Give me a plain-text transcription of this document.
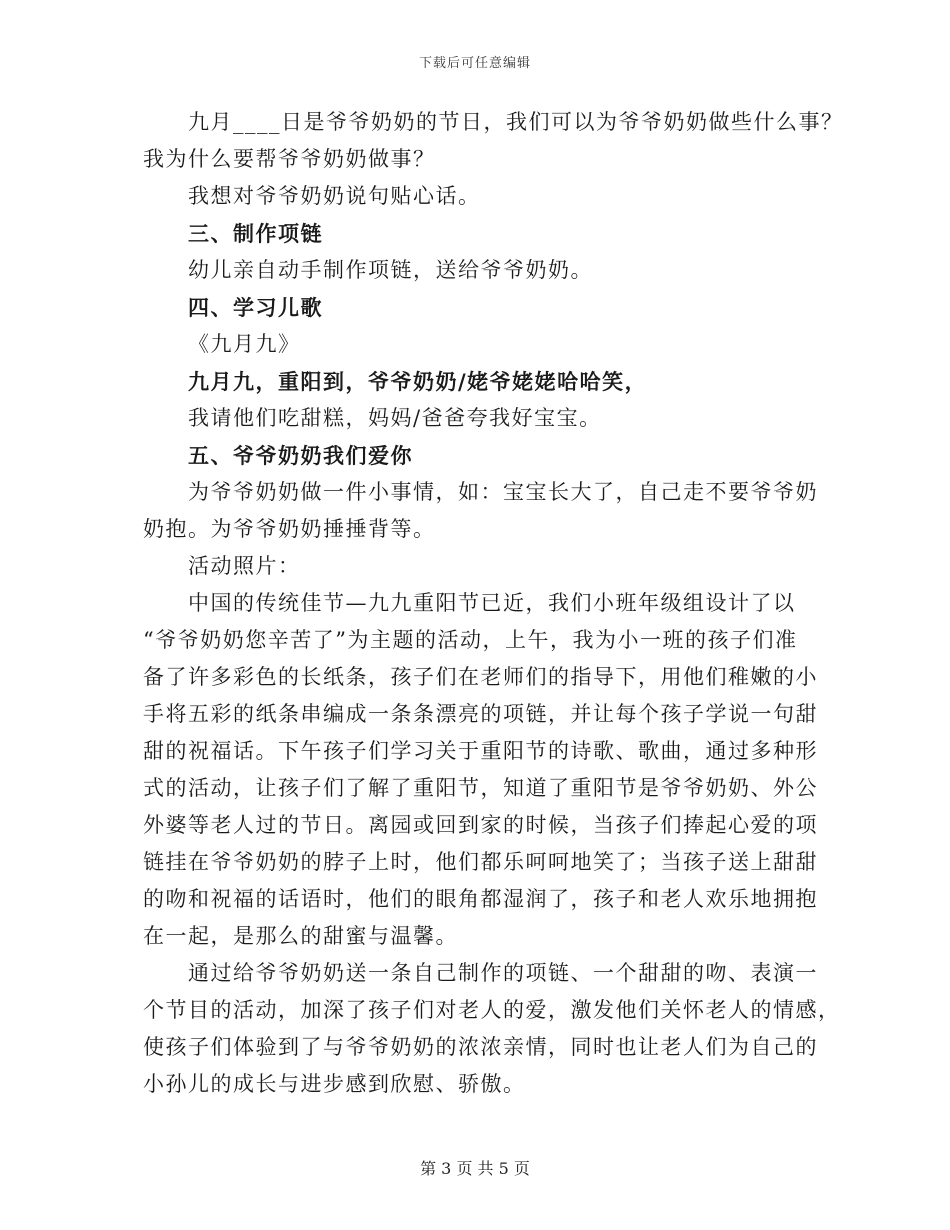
下载后可任意编辑
九月____日是爷爷奶奶的节日，我们可以为爷爷奶奶做些什么事？
我为什么要帮爷爷奶奶做事？
我想对爷爷奶奶说句贴心话。
三、制作项链
幼儿亲自动手制作项链，送给爷爷奶奶。
四、学习儿歌
《九月九》
九月九，重阳到，爷爷奶奶/姥爷姥姥哈哈笑，
我请他们吃甜糕，妈妈/爸爸夸我好宝宝。
五、爷爷奶奶我们爱你
为爷爷奶奶做一件小事情，如：宝宝长大了，自己走不要爷爷奶
奶抱。为爷爷奶奶捶捶背等。
活动照片：
中国的传统佳节—九九重阳节已近，我们小班年级组设计了以
“爷爷奶奶您辛苦了”为主题的活动，上午，我为小一班的孩子们准
备了许多彩色的长纸条，孩子们在老师们的指导下，用他们稚嫩的小
手将五彩的纸条串编成一条条漂亮的项链，并让每个孩子学说一句甜
甜的祝福话。下午孩子们学习关于重阳节的诗歌、歌曲，通过多种形
式的活动，让孩子们了解了重阳节，知道了重阳节是爷爷奶奶、外公
外婆等老人过的节日。离园或回到家的时候，当孩子们捧起心爱的项
链挂在爷爷奶奶的脖子上时，他们都乐呵呵地笑了；当孩子送上甜甜
的吻和祝福的话语时，他们的眼角都湿润了，孩子和老人欢乐地拥抱
在一起，是那么的甜蜜与温馨。
通过给爷爷奶奶送一条自己制作的项链、一个甜甜的吻、表演一
个节目的活动，加深了孩子们对老人的爱，激发他们关怀老人的情感，
使孩子们体验到了与爷爷奶奶的浓浓亲情，同时也让老人们为自己的
小孙儿的成长与进步感到欣慰、骄傲。
第 3 页 共 5 页
